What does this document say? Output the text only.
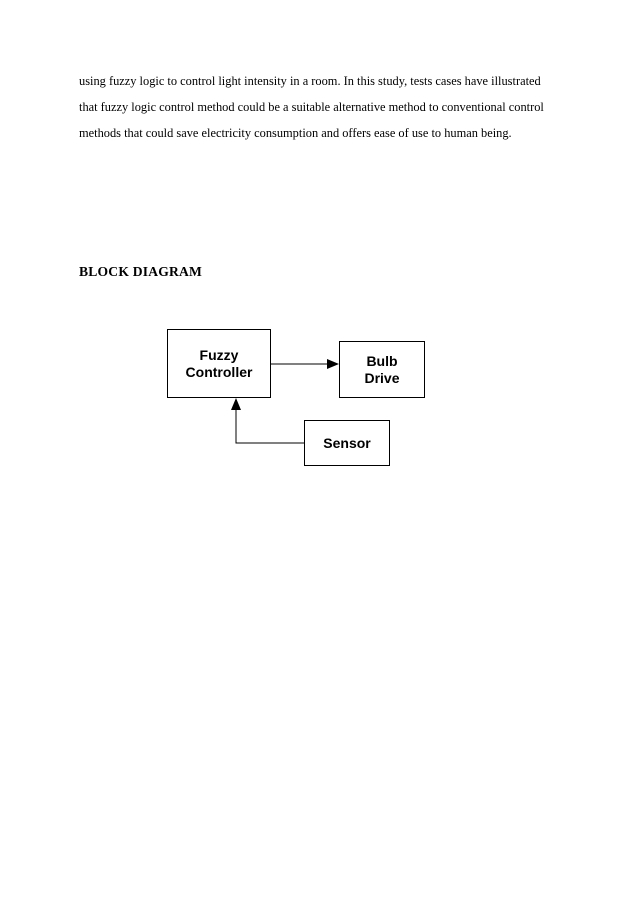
using fuzzy logic to control light intensity in a room. In this study, tests cases have illustrated
that fuzzy logic control method could be a suitable alternative method to conventional control
methods that could save electricity consumption and offers ease of use to human being.
BLOCK DIAGRAM
Fuzzy
Controller
Bulb
Drive
Sensor
